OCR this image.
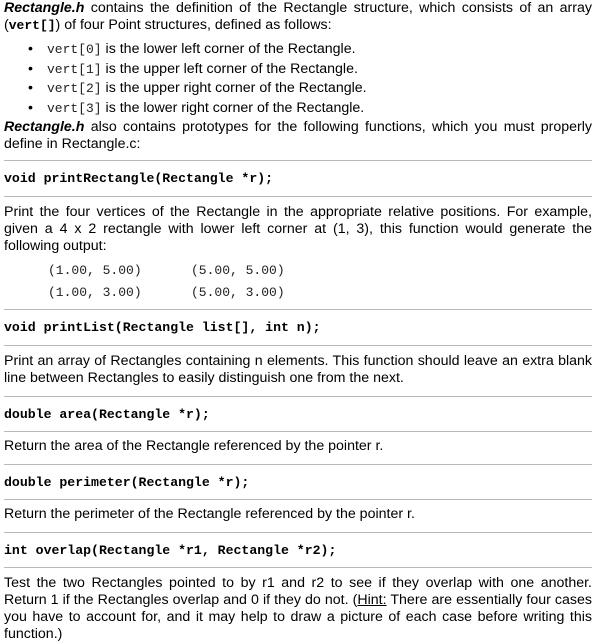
Rectangle.h contains the definition of the Rectangle structure, which consists of an array (vert[]) of four Point structures, defined as follows:

• vert[0] is the lower left corner of the Rectangle.
• vert[1] is the upper left corner of the Rectangle.
• vert[2] is the upper right corner of the Rectangle.
• vert[3] is the lower right corner of the Rectangle.

Rectangle.h also contains prototypes for the following functions, which you must properly define in Rectangle.c:

void printRectangle(Rectangle *r);

Print the four vertices of the Rectangle in the appropriate relative positions. For example, given a 4 x 2 rectangle with lower left corner at (1, 3), this function would generate the following output:

(1.00, 5.00)	(5.00, 5.00)
(1.00, 3.00)	(5.00, 3.00)
void printList(Rectangle list[], int n);

Print an array of Rectangles containing n elements. This function should leave an extra blank line between Rectangles to easily distinguish one from the next.

double area(Rectangle *r);

Return the area of the Rectangle referenced by the pointer r.

double perimeter(Rectangle *r);

Return the perimeter of the Rectangle referenced by the pointer r.

int overlap(Rectangle *r1, Rectangle *r2);

Test the two Rectangles pointed to by r1 and r2 to see if they overlap with one another. Return 1 if the Rectangles overlap and 0 if they do not. (Hint: There are essentially four cases you have to account for, and it may help to draw a picture of each case before writing this function.)
